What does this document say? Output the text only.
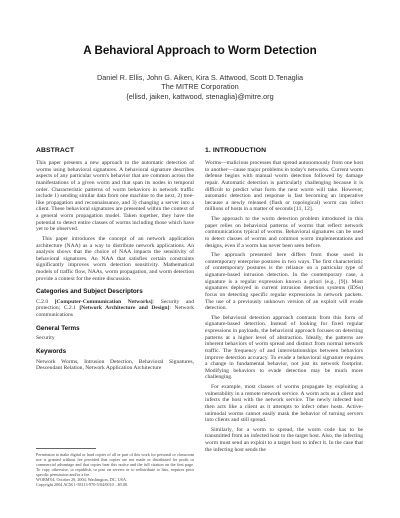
A Behavioral Approach to Worm Detection
Daniel R. Ellis, John G. Aiken, Kira S. Attwood, Scott D.Tenaglia
The MITRE Corporation
{ellisd, jaiken, kattwood, stenaglia}@mitre.org
ABSTRACT

This paper presents a new approach to the automatic detection of worms using behavioral signatures. A behavioral signature describes aspects of any particular worm's behavior that are common across the manifestations of a given worm and that span its nodes in temporal order. Characteristic patterns of worm behaviors in network traffic include 1) sending similar data from one machine to the next, 2) tree-like propagation and reconnaissance, and 3) changing a server into a client. These behavioral signatures are presented within the context of a general worm propagation model. Taken together, they have the potential to detect entire classes of worms including those which have yet to be observed.

This paper introduces the concept of an network application architecture (NAA) as a way to distribute network applications. An analysis shows that the choice of NAA impacts the sensitivity of behavioral signatures. An NAA that satisfies certain constraints significantly improves worm detection sensitivity. Mathematical models of traffic flow, NAAs, worm propagation, and worm detection provide a context for the entire discussion.

Categories and Subject Descriptors

C.2.0 [Computer-Communication Networks]: Security and protection; C.2.1 [Network Architecture and Design]: Network communications

General Terms

Security

Keywords

Network Worms, Intrusion Detection, Behavioral Signatures, Descendant Relation, Network Application Architecture

Permission to make digital or hard copies of all or part of this work for personal or classroom use is granted without fee provided that copies are not made or distributed for profit or commercial advantage and that copies bear this notice and the full citation on the first page. To copy otherwise, to republish, to post on servers or to redistribute to lists, requires prior specific permission and/or a fee.
WORM'04, October 29, 2004, Washington, DC, USA.
Copyright 2004 ACM 1-58113-970-5/04/0010 ...$5.00.
1. INTRODUCTION

Worms—malicious processes that spread autonomously from one host to another—cause major problems in today's networks. Current worm defense begins with manual worm detection followed by damage repair. Automatic detection is particularly challenging because it is difficult to predict what form the next worm will take. However, automatic detection and response is fast becoming an imperative because a newly released (flash or topological) worm can infect millions of hosts in a matter of seconds [11, 12].

The approach to the worm detection problem introduced in this paper relies on behavioral patterns of worms that reflect network communications typical of worms. Behavioral signatures can be used to detect classes of worms and common worm implementations and designs, even if a worm has never been seen before.

The approach presented here differs from those used in contemporary enterprise postures in two ways. The first characteristic of contemporary postures is the reliance on a particular type of signature-based intrusion detection. In the contemporary case, a signature is a regular expression known a priori (e.g., [9]). Most signatures deployed in current intrusion detection systems (IDSs) focus on detecting specific regular expressions in network packets. The use of a previously unknown version of an exploit will evade detection.

The behavioral detection approach contrasts from this form of signature-based detection. Instead of looking for fixed regular expressions in payloads, the behavioral approach focuses on detecting patterns at a higher level of abstraction. Ideally, the patterns are inherent behaviors of worm spread and distinct from normal network traffic. The frequency of and interrelationships between behaviors improve detection accuracy. To evade a behavioral signature requires a change in fundamental behavior, not just its network footprint. Modifying behaviors to evade detection may be much more challenging.

For example, most classes of worms propagate by exploiting a vulnerability in a remote network service. A worm acts as a client and infects the host with the network service. The newly infected host then acts like a client as it attempts to infect other hosts. Active-unimodal worms cannot easily mask the behavior of turning servers into clients and still spread.

Similarly, for a worm to spread, the worm code has to be transmitted from an infected host to the target host. Also, the infecting worm must send an exploit to a target host to infect it. In the case that the infecting host sends the
